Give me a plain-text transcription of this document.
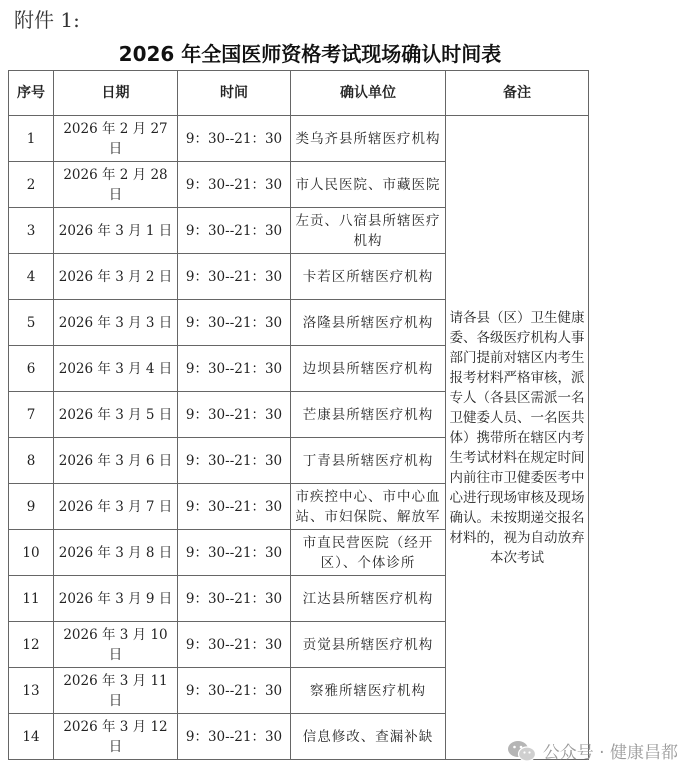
附件 1:
2026 年全国医师资格考试现场确认时间表
序号	日期	时间	确认单位	备注
1	2026 年 2 月 27 日	9：30--21：30	类乌齐县所辖医疗机构	请各县（区）卫生健康委、各级医疗机构人事部门提前对辖区内考生报考材料严格审核，派专人（各县区需派一名卫健委人员、一名医共体）携带所在辖区内考生考试材料在规定时间内前往市卫健委医考中心进行现场审核及现场确认。未按期递交报名材料的，视为自动放弃本次考试
2	2026 年 2 月 28 日	9：30--21：30	市人民医院、市藏医院	
3	2026 年 3 月 1 日	9：30--21：30	左贡、八宿县所辖医疗机构	
4	2026 年 3 月 2 日	9：30--21：30	卡若区所辖医疗机构	
5	2026 年 3 月 3 日	9：30--21：30	洛隆县所辖医疗机构	
6	2026 年 3 月 4 日	9：30--21：30	边坝县所辖医疗机构	
7	2026 年 3 月 5 日	9：30--21：30	芒康县所辖医疗机构	
8	2026 年 3 月 6 日	9：30--21：30	丁青县所辖医疗机构	
9	2026 年 3 月 7 日	9：30--21：30	市疾控中心、市中心血站、市妇保院、解放军	
10	2026 年 3 月 8 日	9：30--21：30	市直民营医院（经开区）、个体诊所	
11	2026 年 3 月 9 日	9：30--21：30	江达县所辖医疗机构	
12	2026 年 3 月 10 日	9：30--21：30	贡觉县所辖医疗机构	
13	2026 年 3 月 11 日	9：30--21：30	察雅所辖医疗机构	
14	2026 年 3 月 12 日	9：30--21：30	信息修改、查漏补缺	
公众号 · 健康昌都
